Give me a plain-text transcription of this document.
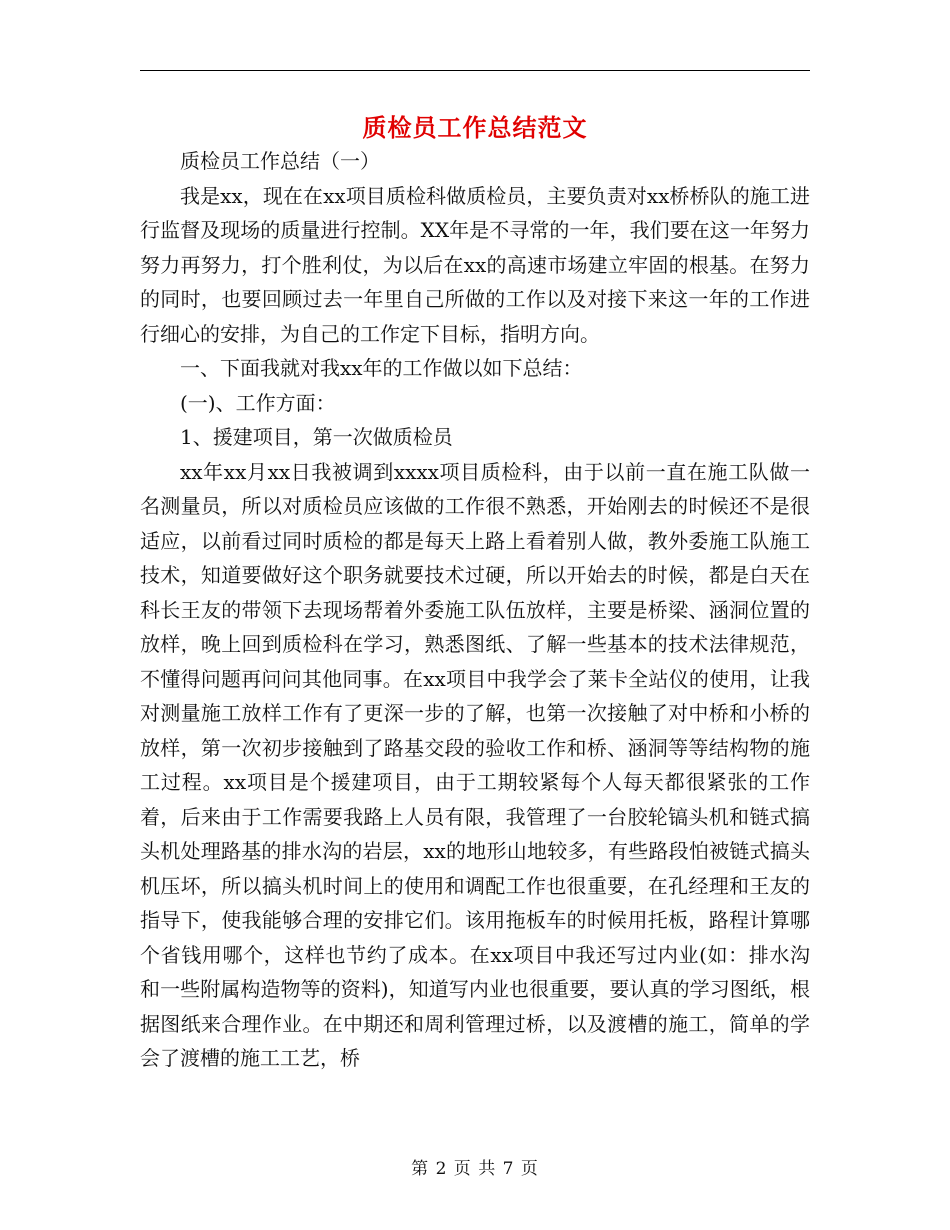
质检员工作总结范文

质检员工作总结（一）

我是xx，现在在xx项目质检科做质检员，主要负责对xx桥桥队的施工进行监督及现场的质量进行控制。XX年是不寻常的一年，我们要在这一年努力努力再努力，打个胜利仗，为以后在xx的高速市场建立牢固的根基。在努力的同时，也要回顾过去一年里自己所做的工作以及对接下来这一年的工作进行细心的安排，为自己的工作定下目标，指明方向。

一、下面我就对我xx年的工作做以如下总结：

(一)、工作方面：

1、援建项目，第一次做质检员

xx年xx月xx日我被调到xxxx项目质检科，由于以前一直在施工队做一名测量员，所以对质检员应该做的工作很不熟悉，开始刚去的时候还不是很适应，以前看过同时质检的都是每天上路上看着别人做，教外委施工队施工技术，知道要做好这个职务就要技术过硬，所以开始去的时候，都是白天在科长王友的带领下去现场帮着外委施工队伍放样，主要是桥梁、涵洞位置的放样，晚上回到质检科在学习，熟悉图纸、了解一些基本的技术法律规范，不懂得问题再问问其他同事。在xx项目中我学会了莱卡全站仪的使用，让我对测量施工放样工作有了更深一步的了解，也第一次接触了对中桥和小桥的放样，第一次初步接触到了路基交段的验收工作和桥、涵洞等等结构物的施工过程。xx项目是个援建项目，由于工期较紧每个人每天都很紧张的工作着，后来由于工作需要我路上人员有限，我管理了一台胶轮镐头机和链式搞头机处理路基的排水沟的岩层，xx的地形山地较多，有些路段怕被链式搞头机压坏，所以搞头机时间上的使用和调配工作也很重要，在孔经理和王友的指导下，使我能够合理的安排它们。该用拖板车的时候用托板，路程计算哪个省钱用哪个，这样也节约了成本。在xx项目中我还写过内业(如：排水沟和一些附属构造物等的资料)，知道写内业也很重要，要认真的学习图纸，根据图纸来合理作业。在中期还和周利管理过桥，以及渡槽的施工，简单的学会了渡槽的施工工艺，桥

第 2 页 共 7 页
